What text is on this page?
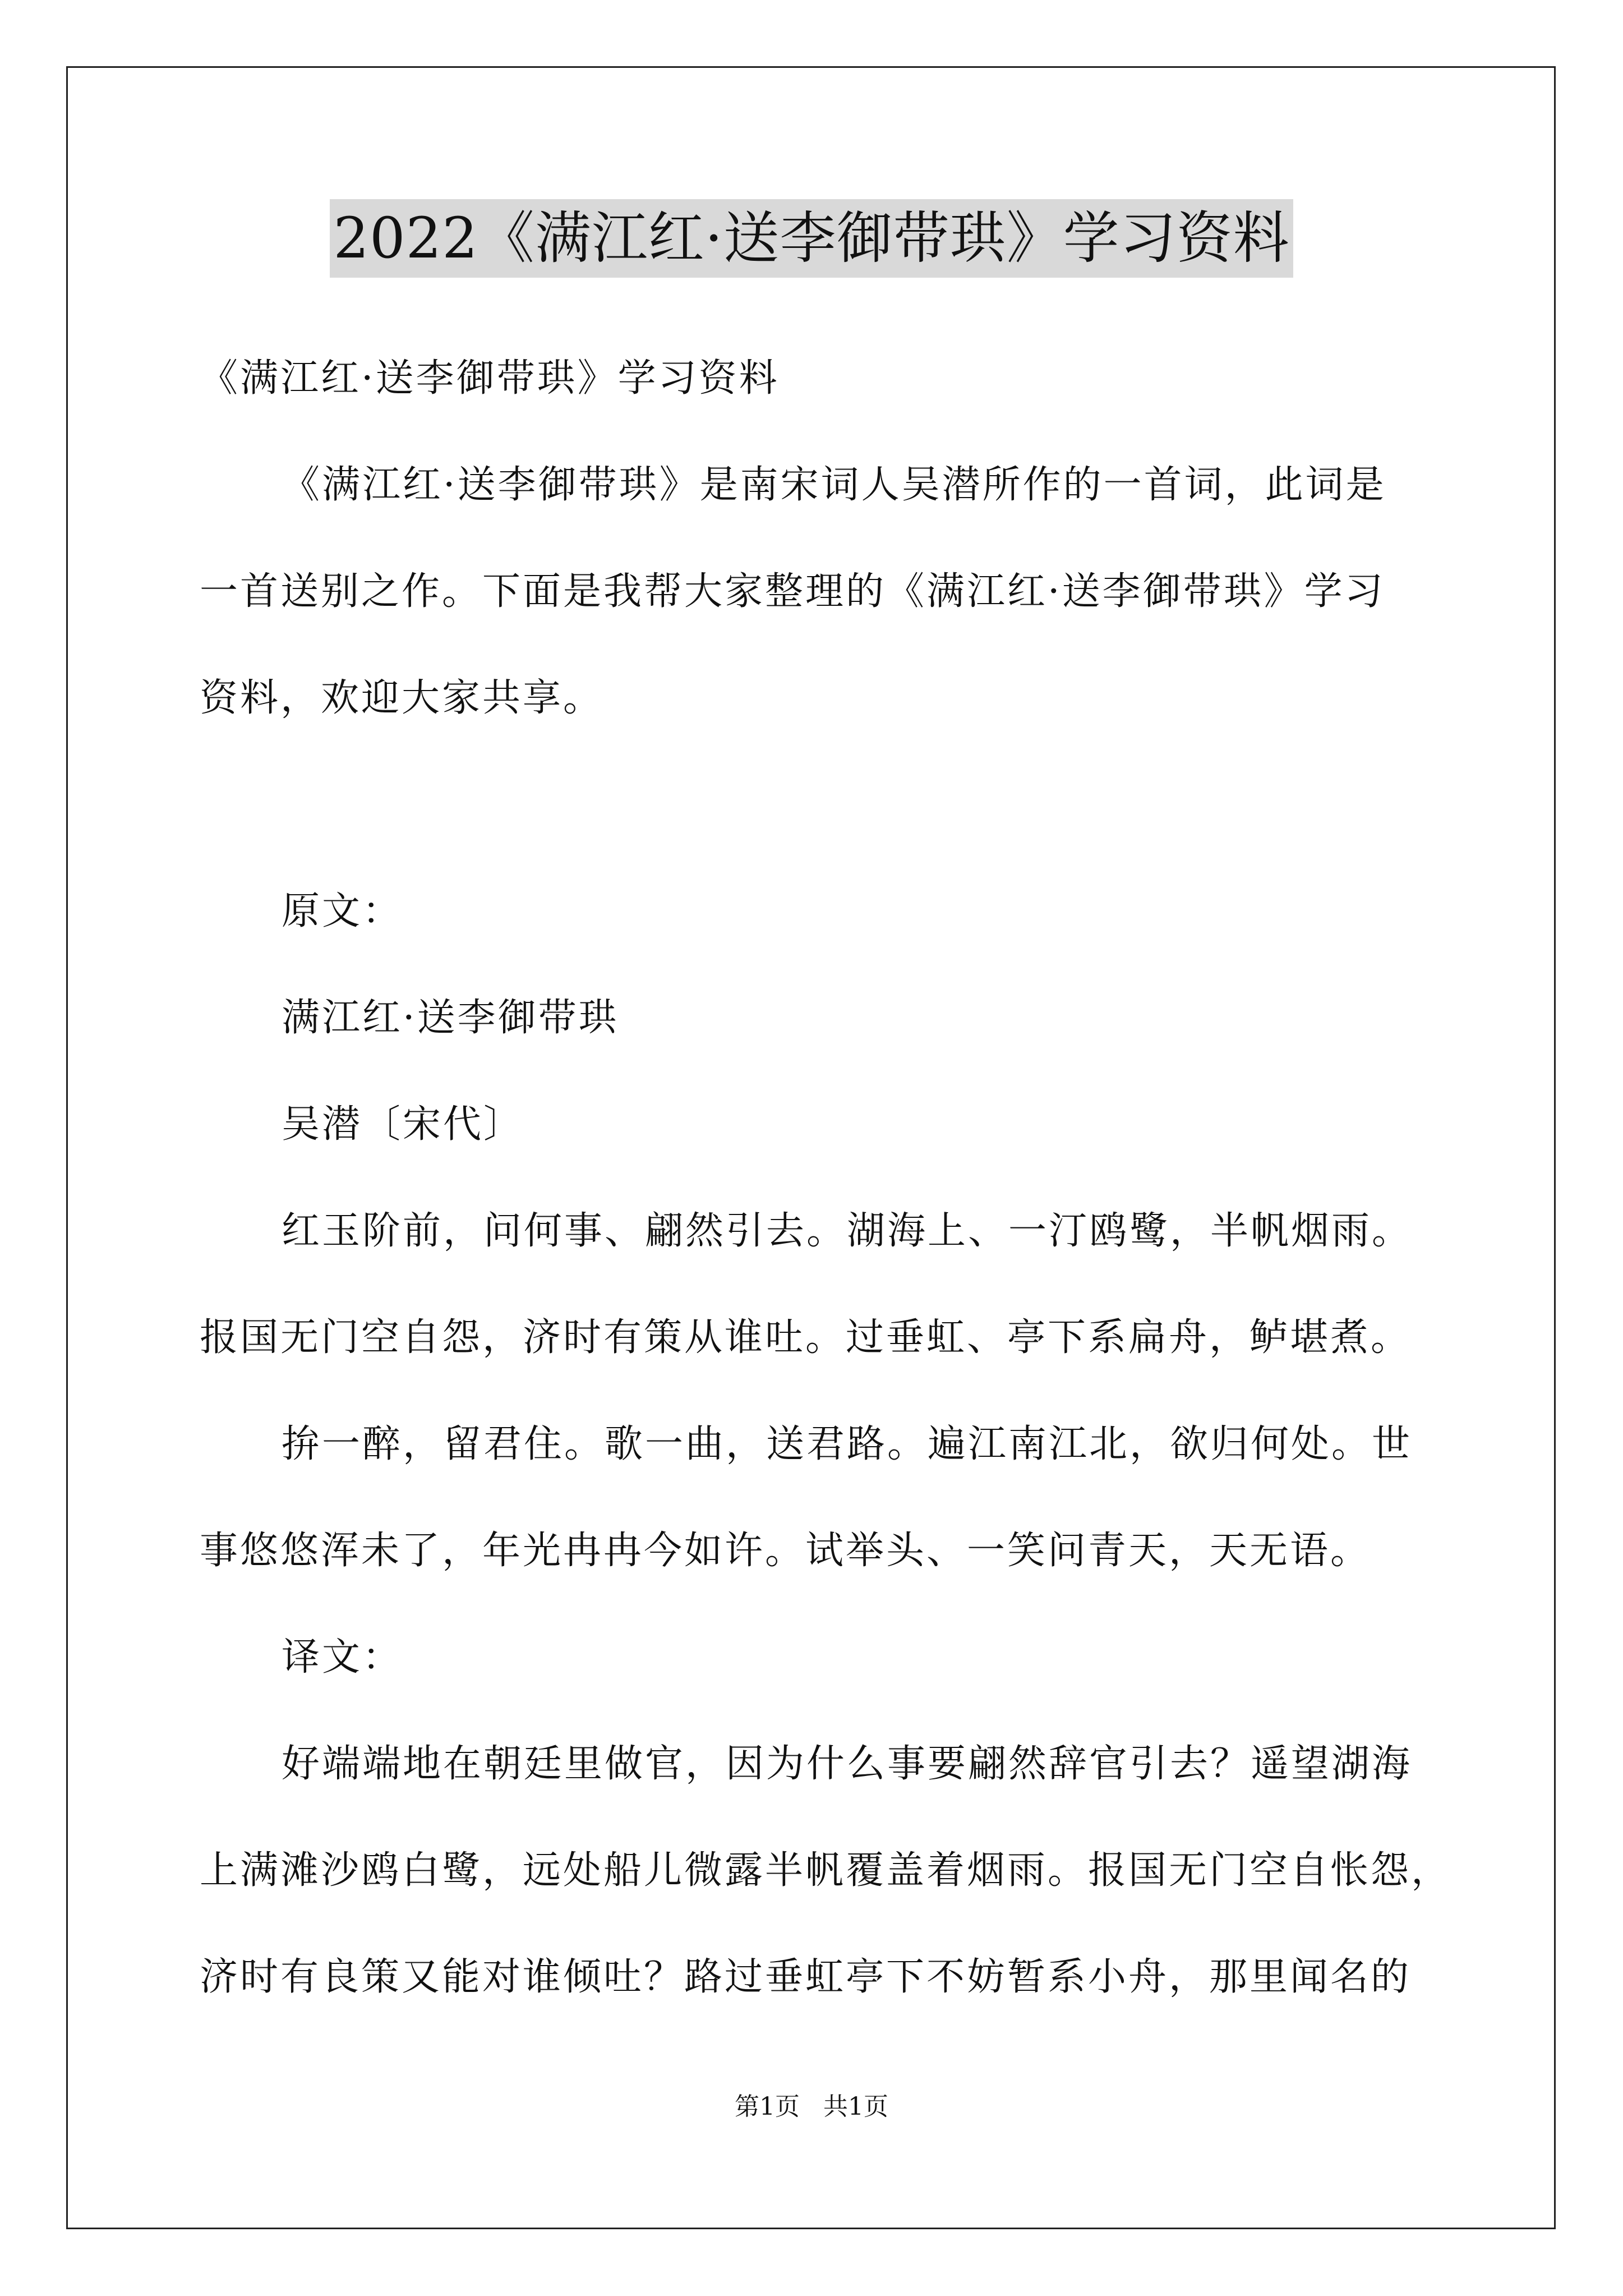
2022《满江红·送李御带珙》学习资料
《满江红·送李御带珙》学习资料
《满江红·送李御带珙》是南宋词人吴潜所作的一首词，此词是
一首送别之作。下面是我帮大家整理的《满江红·送李御带珙》学习
资料，欢迎大家共享。
原文：
满江红·送李御带珙
吴潜〔宋代〕
红玉阶前，问何事、翩然引去。湖海上、一汀鸥鹭，半帆烟雨。
报国无门空自怨，济时有策从谁吐。过垂虹、亭下系扁舟，鲈堪煮。
拚一醉，留君住。歌一曲，送君路。遍江南江北，欲归何处。世
事悠悠浑未了，年光冉冉今如许。试举头、一笑问青天，天无语。
译文：
好端端地在朝廷里做官，因为什么事要翩然辞官引去？遥望湖海
上满滩沙鸥白鹭，远处船儿微露半帆覆盖着烟雨。报国无门空自怅怨，
济时有良策又能对谁倾吐？路过垂虹亭下不妨暂系小舟，那里闻名的
第1页   共1页
